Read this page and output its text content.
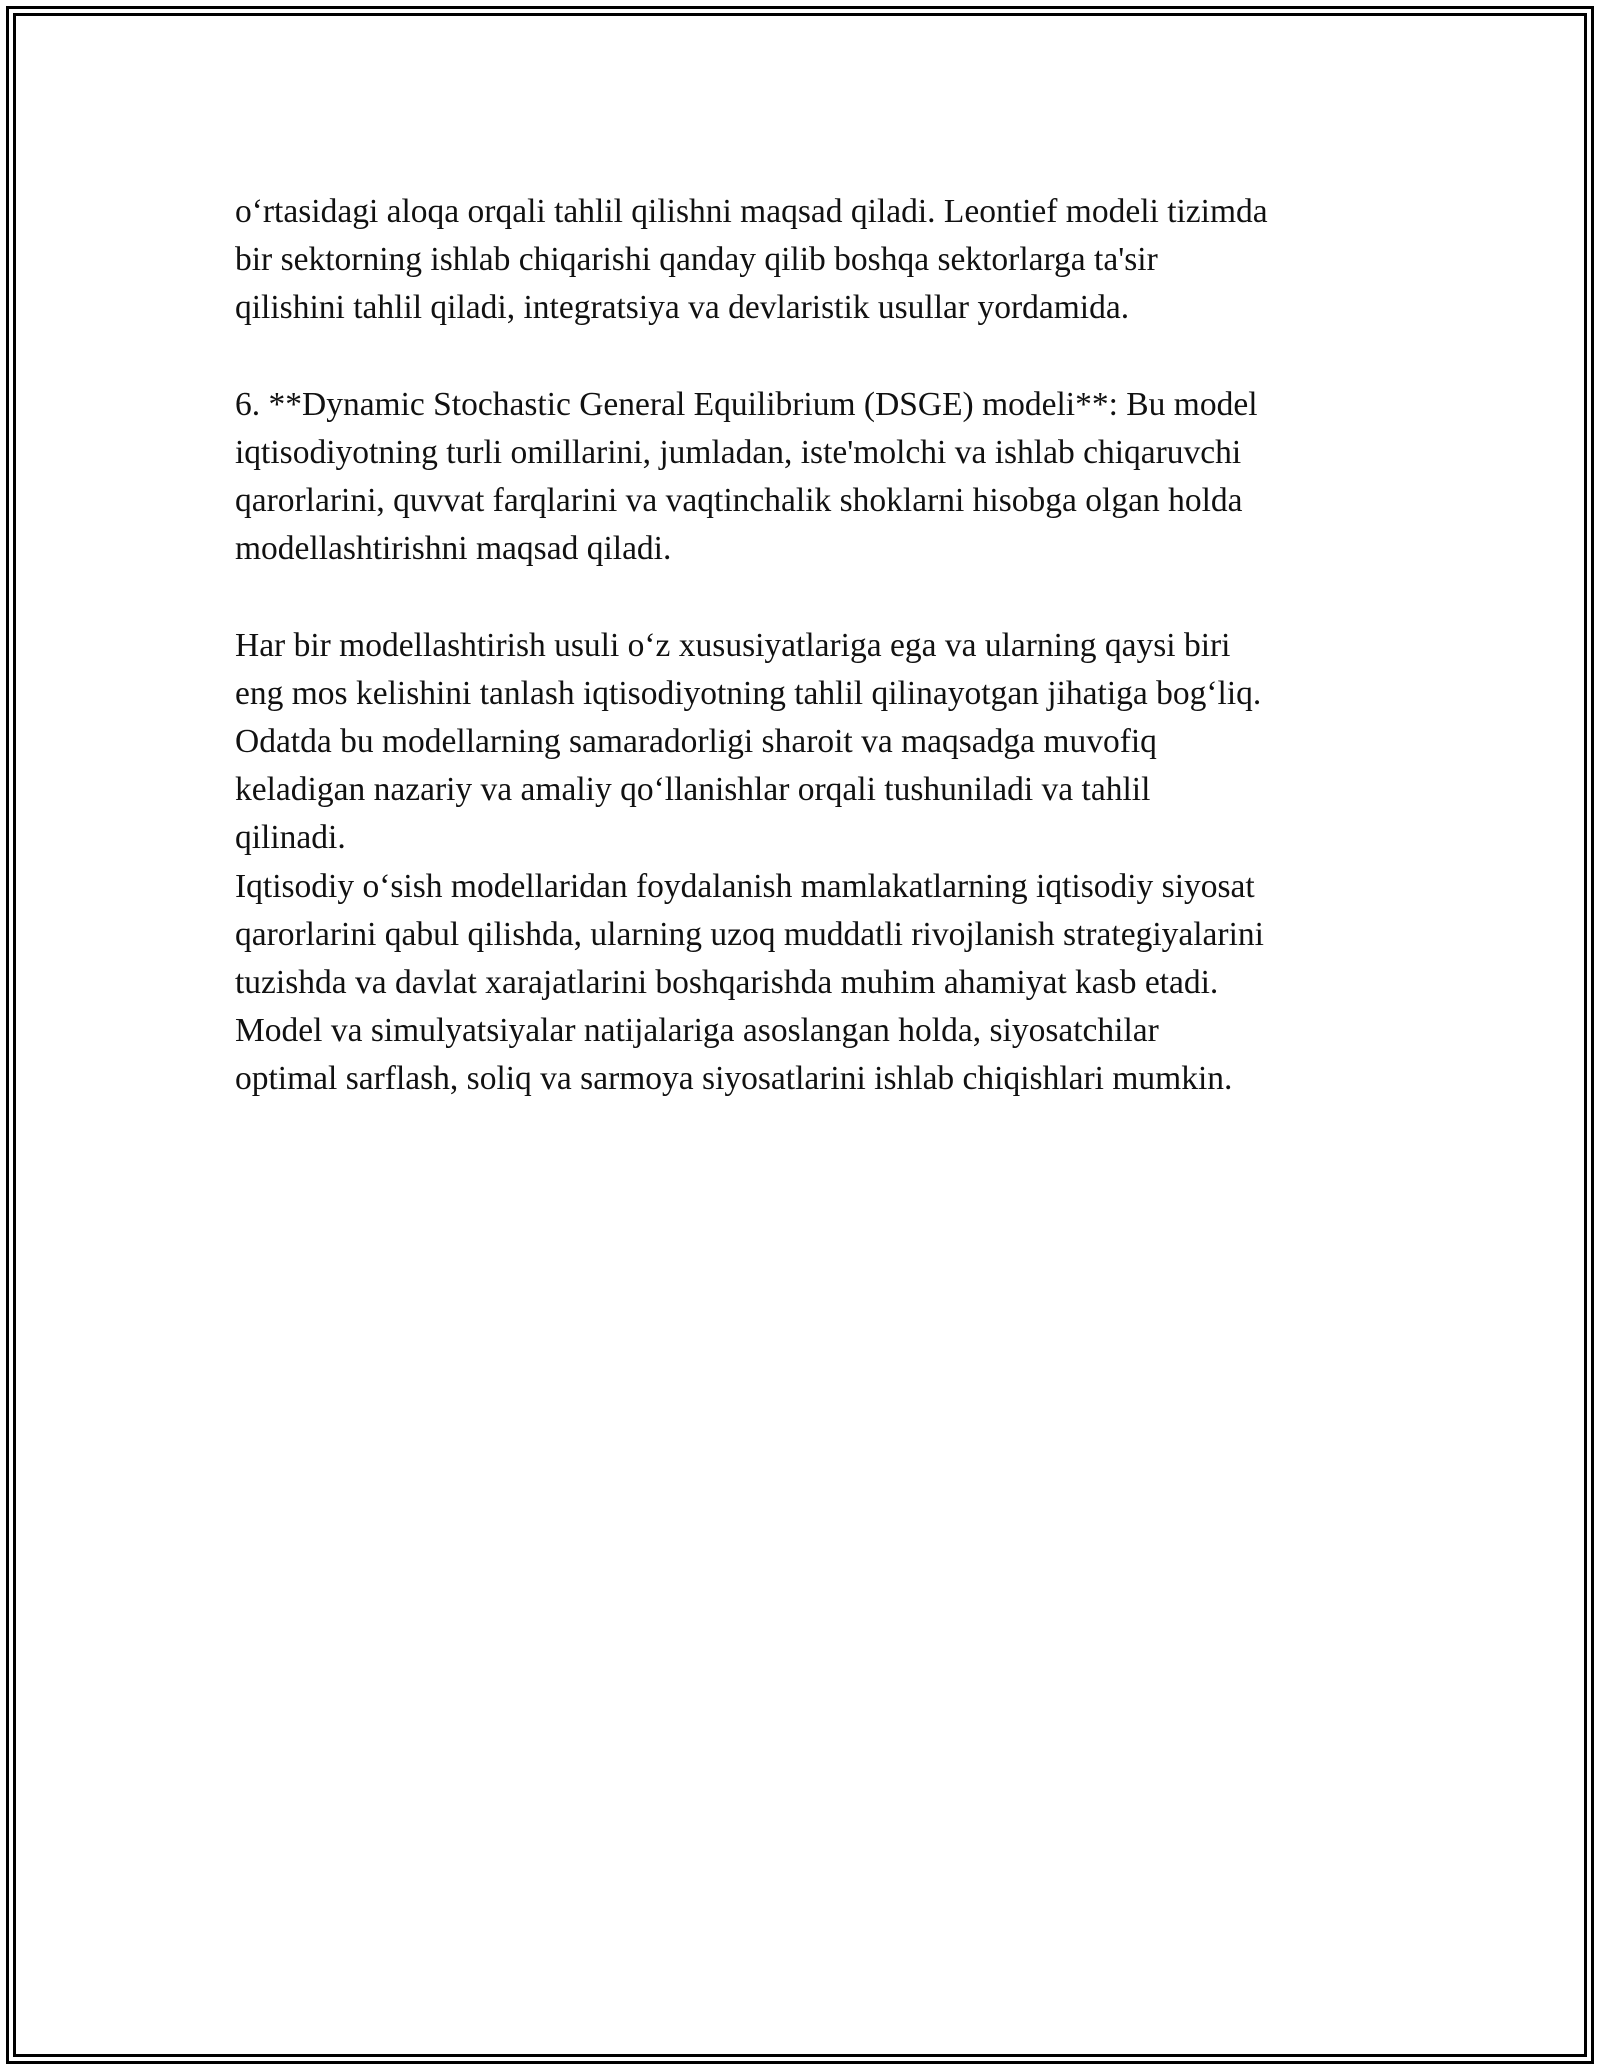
o‘rtasidagi aloqa orqali tahlil qilishni maqsad qiladi. Leontief modeli tizimda
bir sektorning ishlab chiqarishi qanday qilib boshqa sektorlarga ta'sir
qilishini tahlil qiladi, integratsiya va devlaristik usullar yordamida.
6. **Dynamic Stochastic General Equilibrium (DSGE) modeli**: Bu model
iqtisodiyotning turli omillarini, jumladan, iste'molchi va ishlab chiqaruvchi
qarorlarini, quvvat farqlarini va vaqtinchalik shoklarni hisobga olgan holda
modellashtirishni maqsad qiladi.
Har bir modellashtirish usuli o‘z xususiyatlariga ega va ularning qaysi biri
eng mos kelishini tanlash iqtisodiyotning tahlil qilinayotgan jihatiga bog‘liq.
Odatda bu modellarning samaradorligi sharoit va maqsadga muvofiq
keladigan nazariy va amaliy qo‘llanishlar orqali tushuniladi va tahlil
qilinadi.
Iqtisodiy o‘sish modellaridan foydalanish mamlakatlarning iqtisodiy siyosat
qarorlarini qabul qilishda, ularning uzoq muddatli rivojlanish strategiyalarini
tuzishda va davlat xarajatlarini boshqarishda muhim ahamiyat kasb etadi.
Model va simulyatsiyalar natijalariga asoslangan holda, siyosatchilar
optimal sarflash, soliq va sarmoya siyosatlarini ishlab chiqishlari mumkin.
